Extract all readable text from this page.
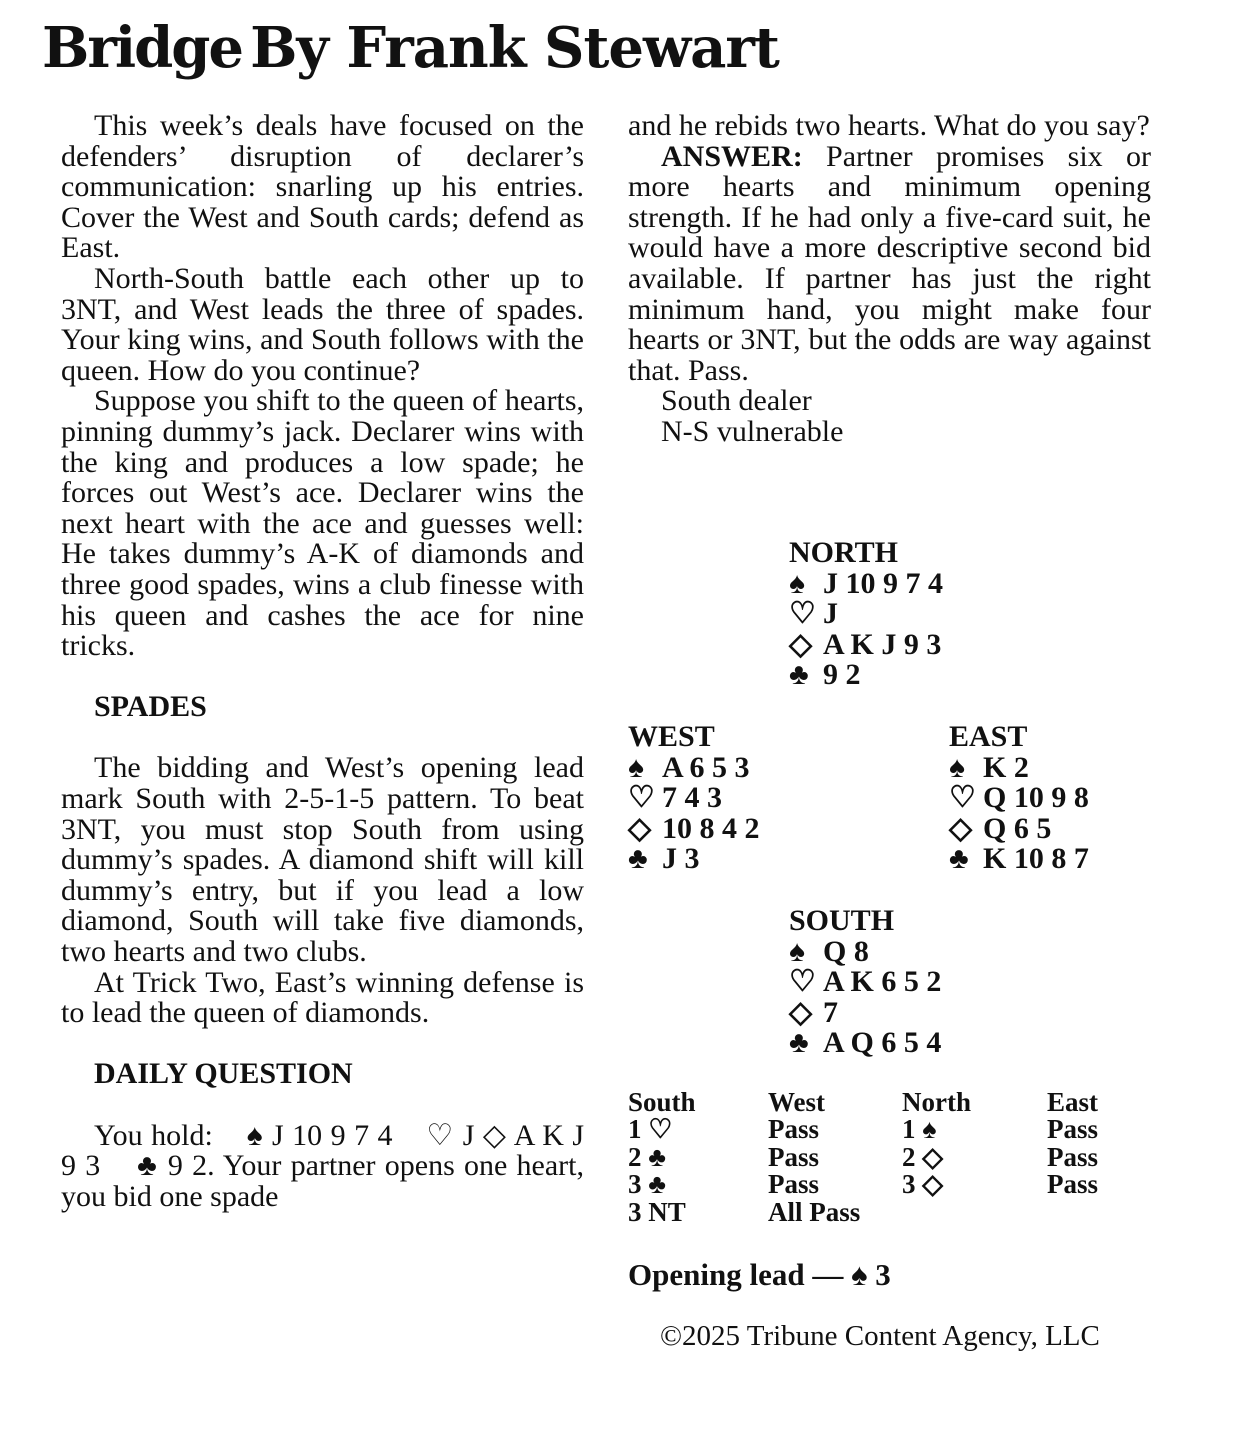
Bridge By Frank Stewart

This week’s deals have focused on the defenders’ disruption of declarer’s communication: snarling up his entries. Cover the West and South cards; defend as East.

North-South battle each other up to 3NT, and West leads the three of spades. Your king wins, and South follows with the queen. How do you continue?

Suppose you shift to the queen of hearts, pinning dummy’s jack. Declarer wins with the king and produces a low spade; he forces out West’s ace. Declarer wins the next heart with the ace and guesses well: He takes dummy’s A-K of diamonds and three good spades, wins a club finesse with his queen and cashes the ace for nine tricks.

SPADES

The bidding and West’s opening lead mark South with 2-5-1-5 pattern. To beat 3NT, you must stop South from using dummy’s spades. A diamond shift will kill dummy’s entry, but if you lead a low diamond, South will take five diamonds, two hearts and two clubs.

At Trick Two, East’s winning defense is to lead the queen of diamonds.

DAILY QUESTION

You hold: ♠ J 10 9 7 4 ♡ J ◇ A K J 9 3 ♣ 9 2. Your partner opens one heart, you bid one spade

and he rebids two hearts. What do you say?

ANSWER: Partner promises six or more hearts and minimum opening strength. If he had only a five-card suit, he would have a more descriptive second bid available. If partner has just the right minimum hand, you might make four hearts or 3NT, but the odds are way against that. Pass.

South dealer

N-S vulnerable

NORTH
♠ J 10 9 7 4
♡ J
◇ A K J 9 3
♣ 9 2
WEST
♠ A 6 5 3
♡ 7 4 3
◇ 10 8 4 2
♣ J 3
EAST
♠ K 2
♡ Q 10 9 8
◇ Q 6 5
♣ K 10 8 7
SOUTH
♠ Q 8
♡ A K 6 5 2
◇ 7
♣ A Q 6 5 4
South	West	North	East
1 ♡	Pass	1 ♠	Pass
2 ♣	Pass	2 ◇	Pass
3 ♣	Pass	3 ◇	Pass
3 NT	All Pass
Opening lead — ♠ 3
©2025 Tribune Content Agency, LLC
